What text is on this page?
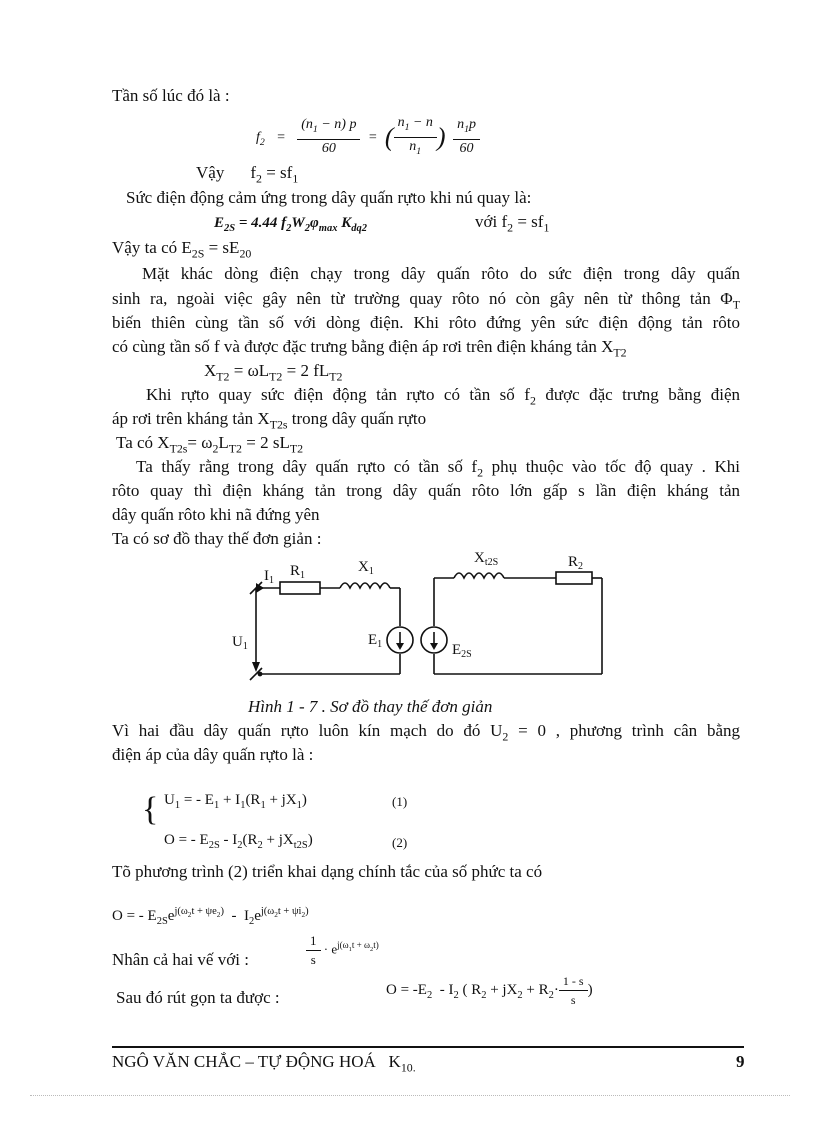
Tần số lúc đó là :
$f_2 = \frac{(n_1 - n) p}{60}$ = ( $\frac{n_1 - n}{n_1}$ ) $\frac{n_1p}{60}$
Vậy $f_2 = sf_1$
Sức điện động cảm ứng trong dây quấn rựto khi nú quay là:
$E_{2S} = 4.44$ $f_2W_2\varphi_{max}$ $K_{dq2}$	với $f_2 = sf_1$
Vậy ta có $E_{2S} = sE_{20}$
Mặt khác dòng điện chạy trong dây quấn rôto do sức điện trong dây quấn
sinh ra, ngoài việc gây nên từ trường quay rôto nó còn gây nên từ thông tản $\Phi_T$
biến thiên cùng tần số với dòng điện. Khi rôto đứng yên sức điện động tản rôto
có cùng tần số f và được đặc trưng bằng điện áp rơi trên điện kháng tản $X_{T2}$
$X_{T2} = \omega L_{T2} = 2$ $fL_{T2}$
Khi rựto quay sức điện động tản rựto có tần số $f_2$ được đặc trưng bằng điện
áp rơi trên kháng tản $X_{T2s}$ trong dây quấn rựto
Ta có $X_{T2s}= \omega_2L_{T2} = 2$ $sL_{T2}$
Ta thấy rằng trong dây quấn rựto có tần số $f_2$ phụ thuộc vào tốc độ quay . Khi
rôto quay thì điện kháng tản trong dây quấn rôto lớn gấp s lần điện kháng tản
dây quấn rôto khi nã đứng yên
Ta có sơ đồ thay thế đơn giản :
$I_1$
$R_1$
$X_1$
$U_1$	$E_1$	$E_{2S}$
$X_{t2S}$	$R_2$
Hình 1 - 7 . Sơ đồ thay thế đơn giản
Vì hai đầu dây quấn rựto luôn kín mạch do đó $U_2 = 0$ , phương trình cân bằng
điện áp của dây quấn rựto là :
{ $U_1$ = - $E_1 + I_1(R_1 + jX_1)$	(1)
O = - $E_{2S} - I_2(R_2 + jX_{t2S})$	(2)
Tõ phương trình (2) triển khai dạng chính tắc của số phức ta có
O = - $E_{2S}e^{j(\omega_2t + \psi e_2)} - I_2e^{j(\omega_2t + \psi i_2)}$
Nhân cả hai vế với :	$\frac{1}{s} \cdot e^{j(\omega_1t + \omega_2t)}$
Sau đó rút gọn ta được :	$O = -E_2 - I_2$ ( $R_2 + jX_2 + R_2\cdot \frac{1 - s}{s}$ )
NGÔ VĂN CHẮC – TỰ ĐỘNG HOÁ $K_{10.}$	9
